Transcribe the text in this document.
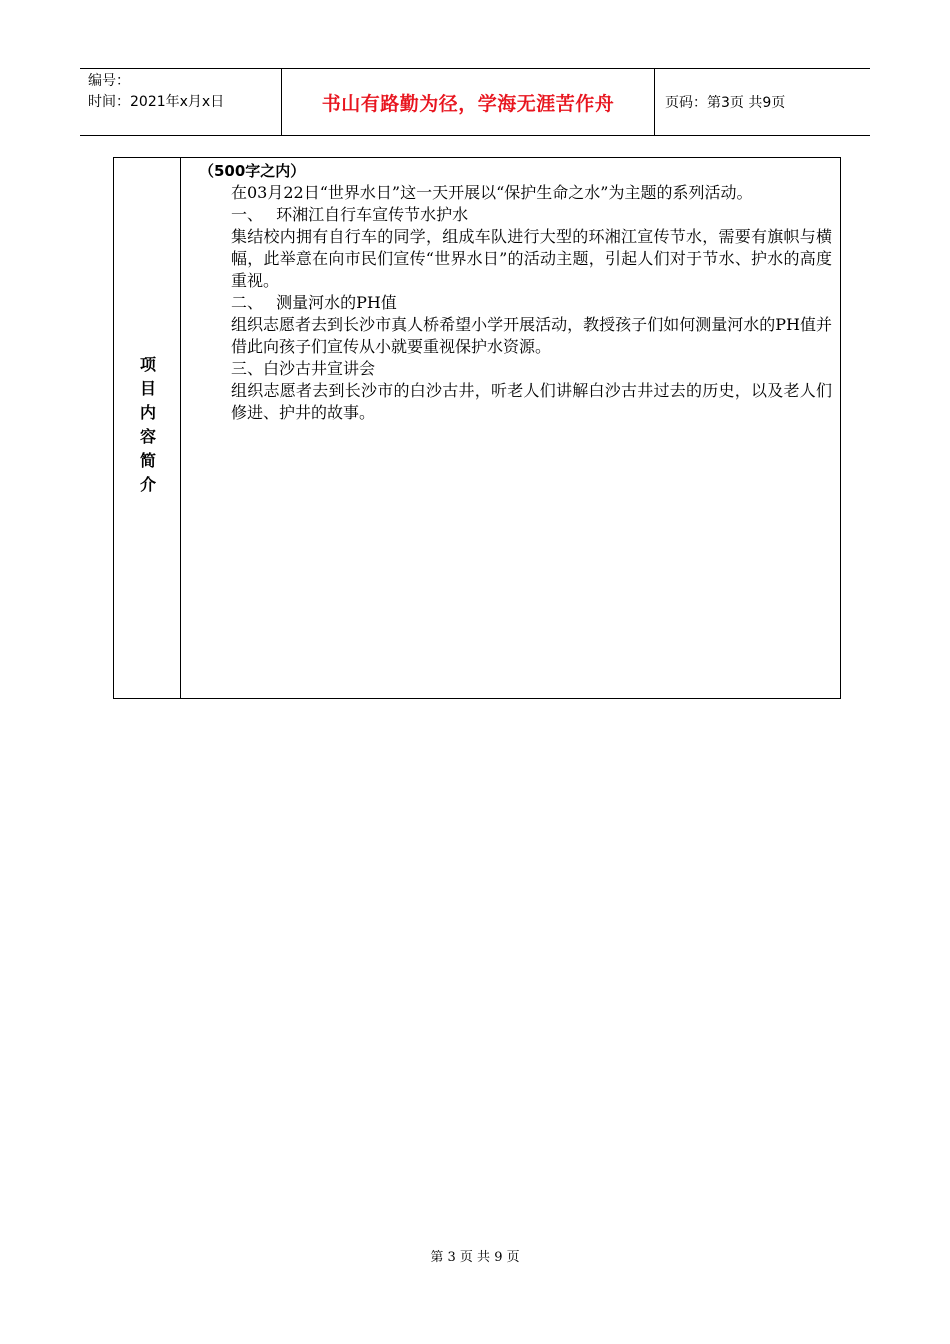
编号：
时间：2021年x月x日	书山有路勤为径，学海无涯苦作舟	页码：第3页 共9页
项目内容简介
（500字之内）

在03月22日“世界水日”这一天开展以“保护生命之水”为主题的系列活动。

一、　 环湘江自行车宣传节水护水

集结校内拥有自行车的同学，组成车队进行大型的环湘江宣传节水，需要有旗帜与横幅，此举意在向市民们宣传“世界水日”的活动主题，引起人们对于节水、护水的高度重视。

二、　 测量河水的PH值

组织志愿者去到长沙市真人桥希望小学开展活动，教授孩子们如何测量河水的PH值并借此向孩子们宣传从小就要重视保护水资源。

三、白沙古井宣讲会

组织志愿者去到长沙市的白沙古井，听老人们讲解白沙古井过去的历史，以及老人们修进、护井的故事。

第 3 页 共 9 页
